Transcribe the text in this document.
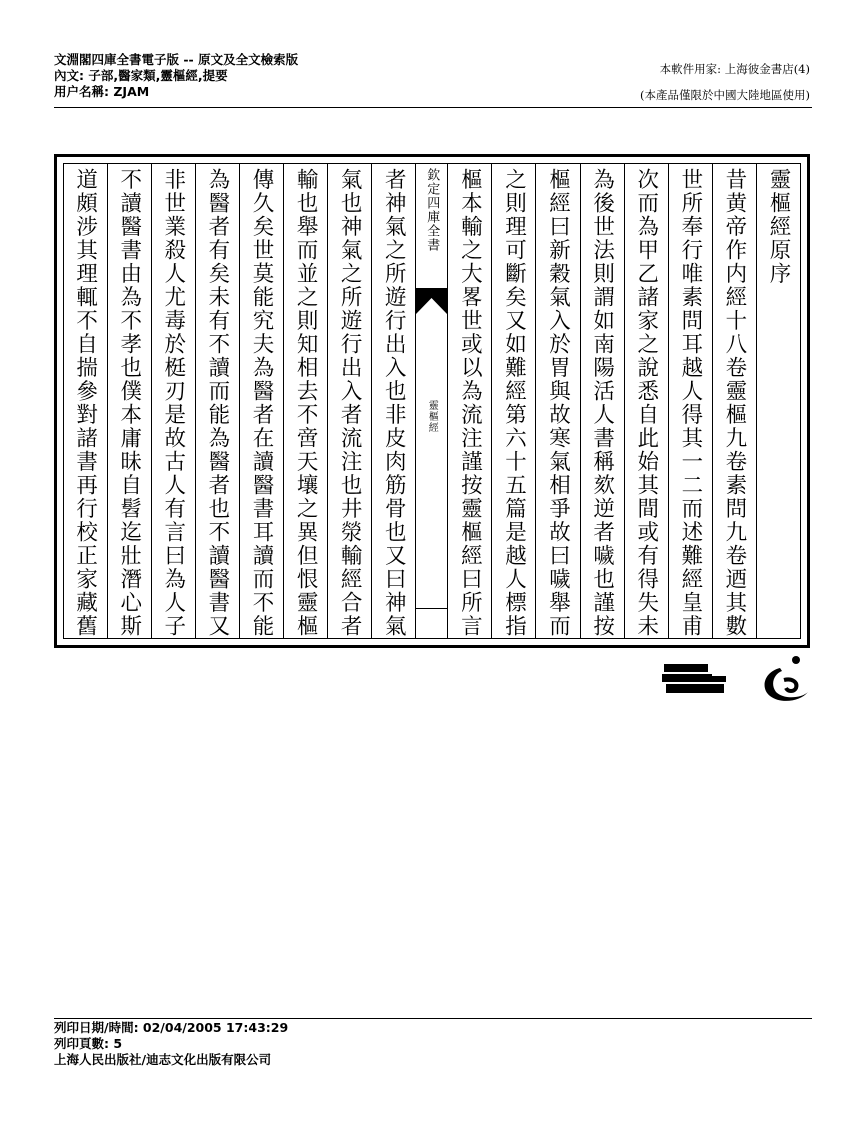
文淵閣四庫全書電子版 -- 原文及全文檢索版
內文: 子部,醫家類,靈樞經,提要
用户名稱: ZJAM
本軟件用家: 上海彼金書店(4)
(本產品僅限於中國大陸地區使用)
靈樞經原序
昔黄帝作内經十八卷靈樞九卷素問九卷迺其數
世所奉行唯素問耳越人得其一二而述難經皇甫
次而為甲乙諸家之說悉自此始其間或有得失未
為後世法則謂如南陽活人書稱欬逆者噦也謹按
樞經曰新穀氣入於胃與故寒氣相爭故曰噦舉而
之則理可斷矣又如難經第六十五篇是越人標指
樞本輸之大畧世或以為流注謹按靈樞經曰所言
欽定四庫全書
靈樞經
者神氣之所遊行出入也非皮肉筋骨也又曰神氣
氣也神氣之所遊行出入者流注也井滎輸經合者
輸也舉而並之則知相去不啻天壤之異但恨靈樞
傳久矣世莫能究夫為醫者在讀醫書耳讀而不能
為醫者有矣未有不讀而能為醫者也不讀醫書又
非世業殺人尤毒於梃刃是故古人有言曰為人子
不讀醫書由為不孝也僕本庸昧自髫迄壯潛心斯
道頗涉其理輒不自揣參對諸書再行校正家藏舊
列印日期/時間: 02/04/2005 17:43:29
列印頁數: 5
上海人民出版社/迪志文化出版有限公司
